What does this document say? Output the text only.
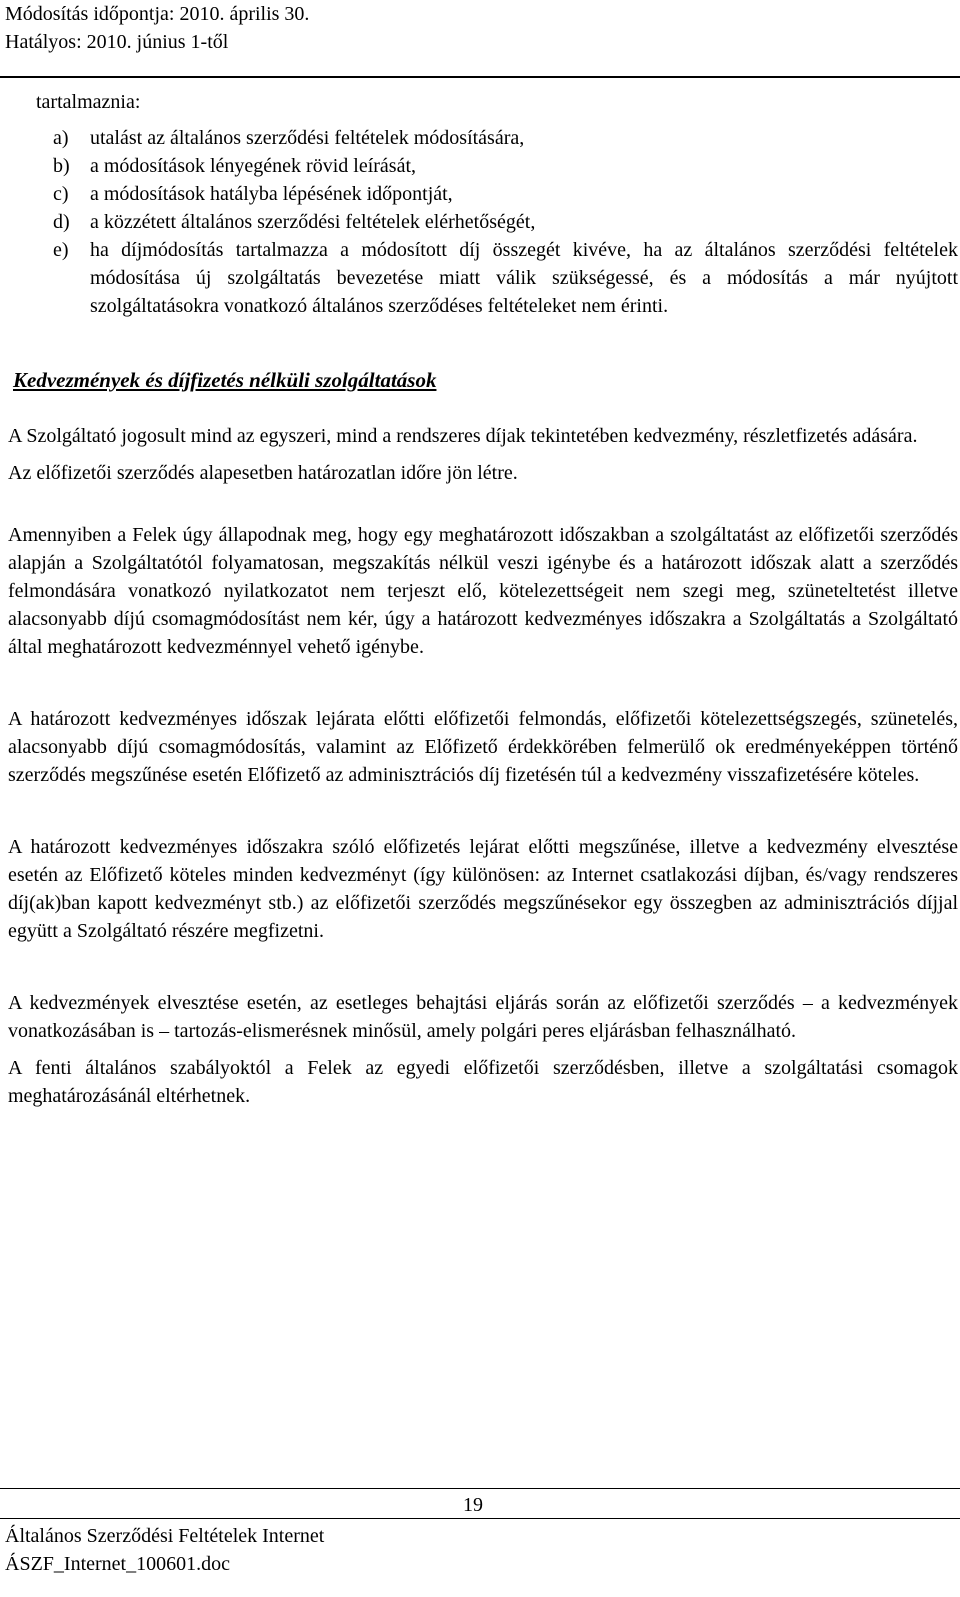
Módosítás időpontja: 2010. április 30.
Hatályos: 2010. június 1-től

tartalmaznia:

a) utalást az általános szerződési feltételek módosítására,
b) a módosítások lényegének rövid leírását,
c) a módosítások hatályba lépésének időpontját,
d) a közzétett általános szerződési feltételek elérhetőségét,
e) ha díjmódosítás tartalmazza a módosított díj összegét kivéve, ha az általános szerződési feltételek módosítása új szolgáltatás bevezetése miatt válik szükségessé, és a módosítás a már nyújtott szolgáltatásokra vonatkozó általános szerződéses feltételeket nem érinti.
Kedvezmények és díjfizetés nélküli szolgáltatások

A Szolgáltató jogosult mind az egyszeri, mind a rendszeres díjak tekintetében kedvezmény, részletfizetés adására.

Az előfizetői szerződés alapesetben határozatlan időre jön létre.

Amennyiben a Felek úgy állapodnak meg, hogy egy meghatározott időszakban a szolgáltatást az előfizetői szerződés alapján a Szolgáltatótól folyamatosan, megszakítás nélkül veszi igénybe és a határozott időszak alatt a szerződés felmondására vonatkozó nyilatkozatot nem terjeszt elő, kötelezettségeit nem szegi meg, szüneteltetést illetve alacsonyabb díjú csomagmódosítást nem kér, úgy a határozott kedvezményes időszakra a Szolgáltatás a Szolgáltató által meghatározott kedvezménnyel vehető igénybe.

A határozott kedvezményes időszak lejárata előtti előfizetői felmondás, előfizetői kötelezettségszegés, szünetelés, alacsonyabb díjú csomagmódosítás, valamint az Előfizető érdekkörében felmerülő ok eredményeképpen történő szerződés megszűnése esetén Előfizető az adminisztrációs díj fizetésén túl a kedvezmény visszafizetésére köteles.

A határozott kedvezményes időszakra szóló előfizetés lejárat előtti megszűnése, illetve a kedvezmény elvesztése esetén az Előfizető köteles minden kedvezményt (így különösen: az Internet csatlakozási díjban, és/vagy rendszeres díj(ak)ban kapott kedvezményt stb.) az előfizetői szerződés megszűnésekor egy összegben az adminisztrációs díjjal együtt a Szolgáltató részére megfizetni.

A kedvezmények elvesztése esetén, az esetleges behajtási eljárás során az előfizetői szerződés – a kedvezmények vonatkozásában is – tartozás-elismerésnek minősül, amely polgári peres eljárásban felhasználható.

A fenti általános szabályoktól a Felek az egyedi előfizetői szerződésben, illetve a szolgáltatási csomagok meghatározásánál eltérhetnek.

19
Általános Szerződési Feltételek Internet
ÁSZF_Internet_100601.doc
